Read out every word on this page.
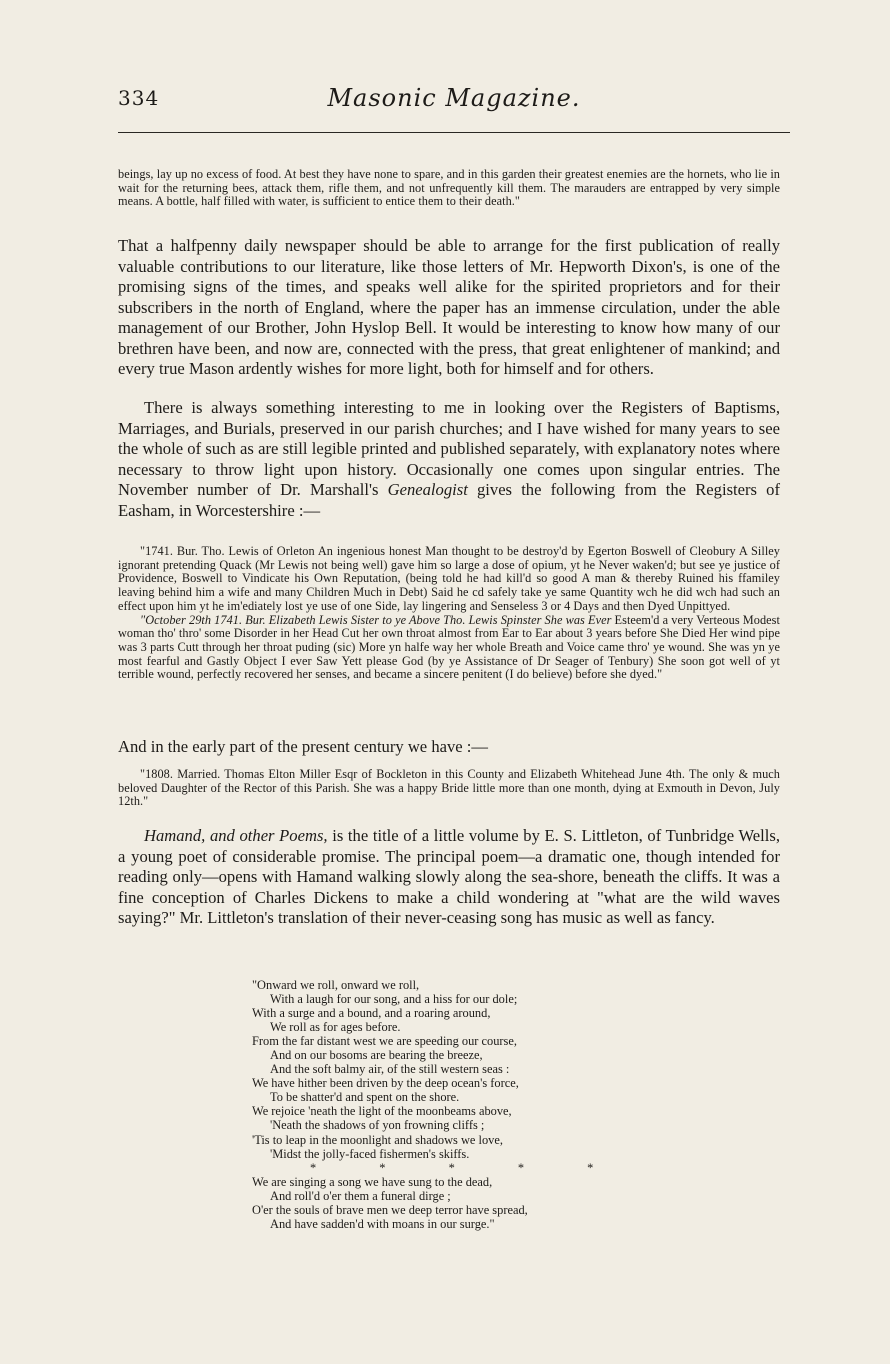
334	Masonic Magazine.

beings, lay up no excess of food. At best they have none to spare, and in this garden their greatest enemies are the hornets, who lie in wait for the returning bees, attack them, rifle them, and not unfrequently kill them. The marauders are entrapped by very simple means. A bottle, half filled with water, is sufficient to entice them to their death."

That a halfpenny daily newspaper should be able to arrange for the first publication of really valuable contributions to our literature, like those letters of Mr. Hepworth Dixon's, is one of the promising signs of the times, and speaks well alike for the spirited proprietors and for their subscribers in the north of England, where the paper has an immense circulation, under the able management of our Brother, John Hyslop Bell. It would be interesting to know how many of our brethren have been, and now are, connected with the press, that great enlightener of mankind; and every true Mason ardently wishes for more light, both for himself and for others.

There is always something interesting to me in looking over the Registers of Baptisms, Marriages, and Burials, preserved in our parish churches; and I have wished for many years to see the whole of such as are still legible printed and published separately, with explanatory notes where necessary to throw light upon history. Occasionally one comes upon singular entries. The November number of Dr. Marshall's Genealogist gives the following from the Registers of Easham, in Worcestershire :—

"1741. Bur. Tho. Lewis of Orleton An ingenious honest Man thought to be destroy'd by Egerton Boswell of Cleobury A Silley ignorant pretending Quack (Mr Lewis not being well) gave him so large a dose of opium, yt he Never waken'd; but see ye justice of Providence, Boswell to Vindicate his Own Reputation, (being told he had kill'd so good A man & thereby Ruined his ffamiley leaving behind him a wife and many Children Much in Debt) Said he cd safely take ye same Quantity wch he did wch had such an effect upon him yt he im'ediately lost ye use of one Side, lay lingering and Senseless 3 or 4 Days and then Dyed Unpittyed.

"October 29th 1741. Bur. Elizabeth Lewis Sister to ye Above Tho. Lewis Spinster She was Ever Esteem'd a very Verteous Modest woman tho' thro' some Disorder in her Head Cut her own throat almost from Ear to Ear about 3 years before She Died Her wind pipe was 3 parts Cutt through her throat puding (sic) More yn halfe way her whole Breath and Voice came thro' ye wound. She was yn ye most fearful and Gastly Object I ever Saw Yett please God (by ye Assistance of Dr Seager of Tenbury) She soon got well of yt terrible wound, perfectly recovered her senses, and became a sincere penitent (I do believe) before she dyed."

And in the early part of the present century we have :—

"1808. Married. Thomas Elton Miller Esqr of Bockleton in this County and Elizabeth Whitehead June 4th. The only & much beloved Daughter of the Rector of this Parish. She was a happy Bride little more than one month, dying at Exmouth in Devon, July 12th."

Hamand, and other Poems, is the title of a little volume by E. S. Littleton, of Tunbridge Wells, a young poet of considerable promise. The principal poem—a dramatic one, though intended for reading only—opens with Hamand walking slowly along the sea-shore, beneath the cliffs. It was a fine conception of Charles Dickens to make a child wondering at "what are the wild waves saying?" Mr. Littleton's translation of their never-ceasing song has music as well as fancy.

"Onward we roll, onward we roll,
With a laugh for our song, and a hiss for our dole;
With a surge and a bound, and a roaring around,
We roll as for ages before.
From the far distant west we are speeding our course,
And on our bosoms are bearing the breeze,
And the soft balmy air, of the still western seas :
We have hither been driven by the deep ocean's force,
To be shatter'd and spent on the shore.
We rejoice 'neath the light of the moonbeams above,
'Neath the shadows of yon frowning cliffs ;
'Tis to leap in the moonlight and shadows we love,
'Midst the jolly-faced fishermen's skiffs.
* * * * *
We are singing a song we have sung to the dead,
And roll'd o'er them a funeral dirge ;
O'er the souls of brave men we deep terror have spread,
And have sadden'd with moans in our surge."
